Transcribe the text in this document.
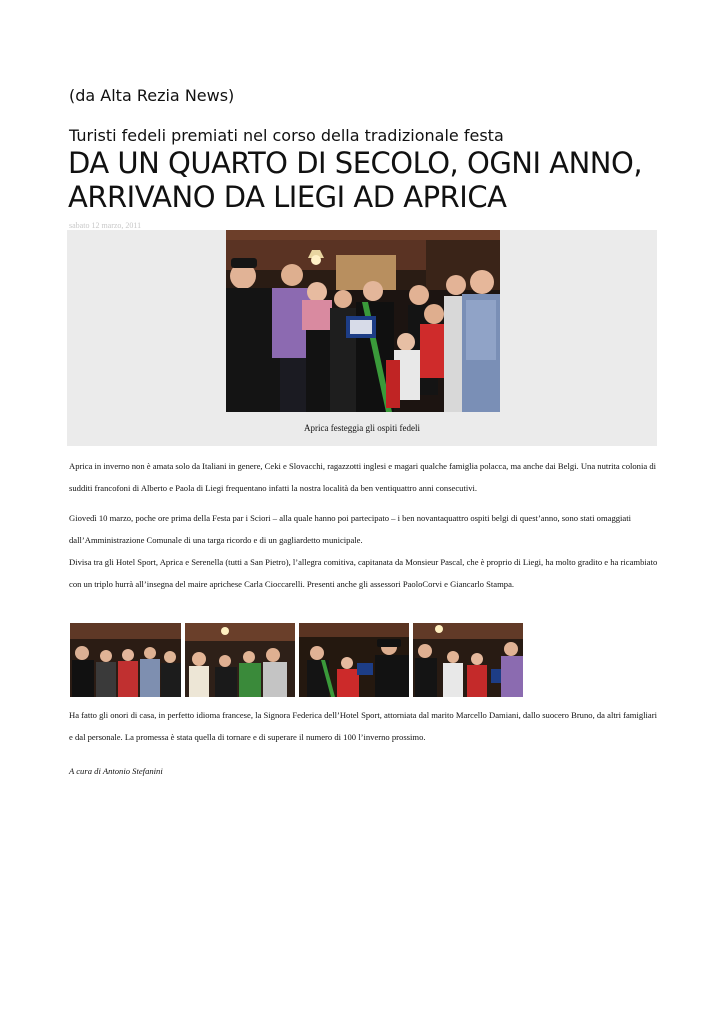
(da Alta Rezia News)
Turisti fedeli premiati nel corso della tradizionale festa
DA UN QUARTO DI SECOLO, OGNI ANNO,
ARRIVANO DA LIEGI AD APRICA
sabato 12 marzo, 2011
Aprica festeggia gli ospiti fedeli

Aprica in inverno non è amata solo da Italiani in genere, Ceki e Slovacchi, ragazzotti inglesi e magari qualche famiglia polacca, ma anche dai Belgi. Una nutrita colonia di sudditi francofoni di Alberto e Paola di Liegi frequentano infatti la nostra località da ben ventiquattro anni consecutivi.

Giovedì 10 marzo, poche ore prima della Festa par i Sciori – alla quale hanno poi partecipato – i ben novantaquattro ospiti belgi di quest’anno, sono stati omaggiati dall’Amministrazione Comunale di una targa ricordo e di un gagliardetto municipale.

Divisa tra gli Hotel Sport, Aprica e Serenella (tutti a San Pietro), l’allegra comitiva, capitanata da Monsieur Pascal, che è proprio di Liegi, ha molto gradito e ha ricambiato con un triplo hurrà all’insegna del maire aprichese Carla Cioccarelli. Presenti anche gli assessori PaoloCorvi e Giancarlo Stampa.

Ha fatto gli onori di casa, in perfetto idioma francese, la Signora Federica dell’Hotel Sport, attorniata dal marito Marcello Damiani, dallo suocero Bruno, da altri famigliari e dal personale. La promessa è stata quella di tornare e di superare il numero di 100 l’inverno prossimo.

A cura di Antonio Stefanini
